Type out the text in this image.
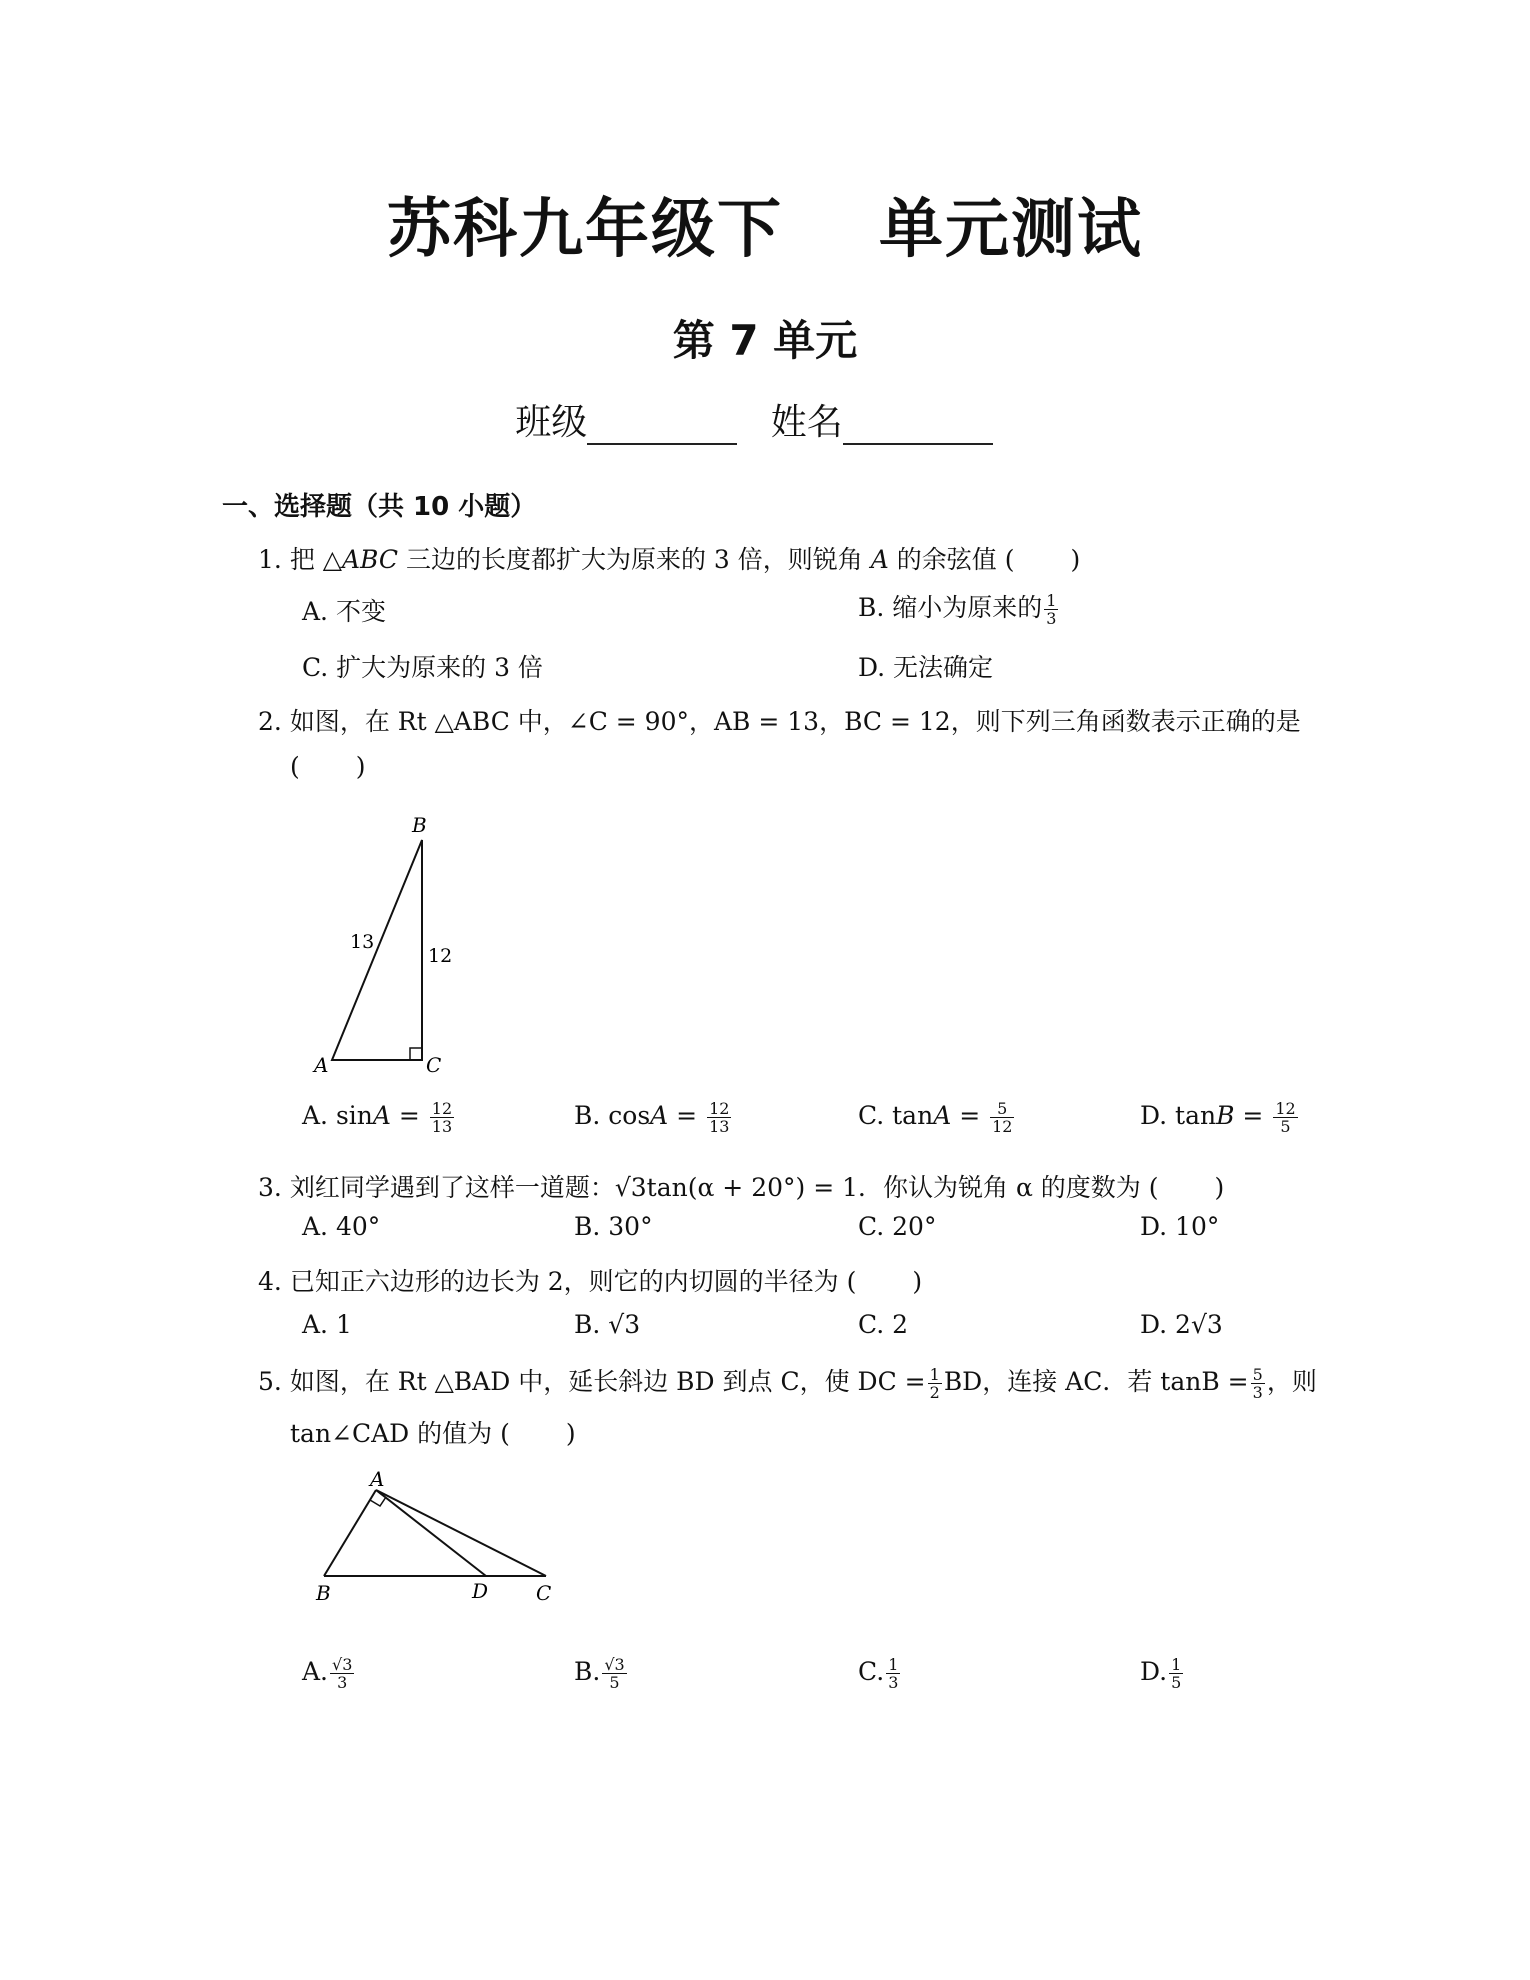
苏科九年级下 单元测试
第 7 单元
班级	姓名
一、选择题（共 10 小题）
1. 把 △ABC 三边的长度都扩大为原来的 3 倍，则锐角 A 的余弦值 ( )
A. 不变	B. 缩小为原来的 $\frac{1}{3}$
C. 扩大为原来的 3 倍	D. 无法确定
2. 如图，在 Rt △ABC 中，∠C = 90°，AB = 13，BC = 12，则下列三角函数表示正确的是
( )
B
A	C
13
12
A. $\sin A = \frac{12}{13}$	B. $\cos A = \frac{12}{13}$	C. $\tan A = \frac{5}{12}$	D. $\tan B = \frac{12}{5}$
3. 刘红同学遇到了这样一道题：√3tan(α + 20°) = 1．你认为锐角 α 的度数为 ( )
A. 40°	B. 30°	C. 20°	D. 10°
4. 已知正六边形的边长为 2，则它的内切圆的半径为 ( )
A. 1	B. √3	C. 2	D. 2√3
5. 如图，在 Rt △BAD 中，延长斜边 BD 到点 C，使 DC = $\frac{1}{2}$ BD，连接 AC．若 $\tan B = \frac{5}{3}$ ，则
tan∠CAD 的值为 ( )
A
B	D C
A. $\frac{√3}{3}$	B. $\frac{√3}{5}$	C. $\frac{1}{3}$	D. $\frac{1}{5}$
